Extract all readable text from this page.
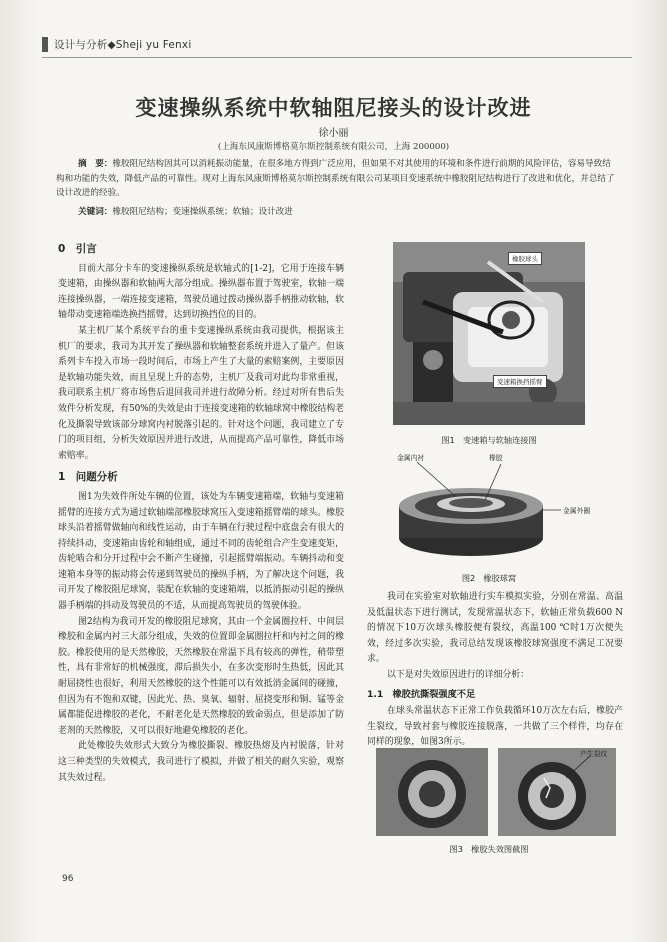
设计与分析◆Sheji yu Fenxi
变速操纵系统中软轴阻尼接头的设计改进
徐小丽
(上海东风康斯博格莫尔斯控制系统有限公司，上海 200000)
摘　要：橡胶阻尼结构因其可以消耗振动能量，在很多地方得到广泛应用，但如果不对其使用的环境和条件进行前期的风险评估，容易导致结构和功能的失效，降低产品的可靠性。现对上海东风康斯博格莫尔斯控制系统有限公司某项目变速系统中橡胶阻尼结构进行了改进和优化，并总结了设计改进的经验。
关键词：橡胶阻尼结构；变速操纵系统；软轴；设计改进
0　引言

目前大部分卡车的变速操纵系统是软轴式的[1-2]，它用于连接车辆变速箱，由操纵器和软轴两大部分组成。操纵器布置于驾驶室，软轴一端连接操纵器，一端连接变速箱，驾驶员通过拨动操纵器手柄推动软轴，软轴带动变速箱端选换挡摇臂，达到切换挡位的目的。

某主机厂某个系统平台的重卡变速操纵系统由我司提供，根据该主机厂的要求，我司为其开发了操纵器和软轴整套系统并进入了量产。但该系列卡车投入市场一段时间后，市场上产生了大量的索赔案例，主要原因是软轴功能失效，而且呈现上升的态势，主机厂及我司对此均非常重视，我司联系主机厂将市场售后退回我司并进行故障分析。经过对所有售后失效件分析发现，有50%的失效是由于连接变速箱的软轴球窝中橡胶结构老化及撕裂导致该部分球窝内衬脱落引起的。针对这个问题，我司建立了专门的项目组，分析失效原因并进行改进，从而提高产品可靠性，降低市场索赔率。

1　问题分析

图1为失效件所处车辆的位置，该处为车辆变速箱端，软轴与变速箱摇臂的连接方式为通过软轴端部橡胶球窝压入变速箱摇臂端的球头。橡胶球头沿着摇臂做轴向和线性运动，由于车辆在行驶过程中底盘会有很大的持续抖动，变速箱由齿轮和轴组成，通过不同的齿轮组合产生变速变矩，齿轮啮合和分开过程中会不断产生碰撞，引起摇臂端振动。车辆抖动和变速箱本身等的振动将会传递到驾驶员的操纵手柄，为了解决这个问题，我司开发了橡胶阻尼球窝，装配在软轴的变速箱端，以抵消振动引起的操纵器手柄端的抖动及驾驶员的不适，从而提高驾驶员的驾驶体验。

图2结构为我司开发的橡胶阻尼球窝，其由一个金属圈拉杆、中间层橡胶和金属内衬三大部分组成，失效的位置即金属圈拉杆和内衬之间的橡胶。橡胶使用的是天然橡胶，天然橡胶在常温下具有较高的弹性，稍带塑性，具有非常好的机械强度，滞后损失小，在多次变形时生热低，因此其耐屈挠性也很好，利用天然橡胶的这个性能可以有效抵消金属间的碰撞，但因为有不饱和双键，因此光、热、臭氧、辐射、屈挠变形和铜、锰等金属都能促进橡胶的老化，不耐老化是天然橡胶的致命弱点，但是添加了防老剂的天然橡胶，又可以很好地避免橡胶的老化。

此处橡胶失效形式大致分为橡胶撕裂、橡胶热熔及内衬脱落，针对这三种类型的失效模式，我司进行了模拟，并做了相关的耐久实验，观察其失效过程。

橡胶球头
变速箱换挡摇臂
图1　变速箱与软轴连接图
金属内衬	橡胶
金属外圈
图2　橡胶球窝

我司在实验室对软轴进行实车模拟实验，分别在常温、高温及低温状态下进行测试，发现常温状态下，软轴正常负载600 N的情况下10万次球头橡胶便有裂纹，高温100 ℃时1万次便失效，经过多次实验，我司总结发现该橡胶球窝强度不满足工况要求。

以下是对失效原因进行的详细分析：

1.1　橡胶抗撕裂强度不足

在球头常温状态下正常工作负载循环10万次左右后，橡胶产生裂纹，导致衬套与橡胶连接脱落，一共做了三个样件，均存在同样的现象，如图3所示。

产生裂纹
图3　橡胶失效图截图
96
